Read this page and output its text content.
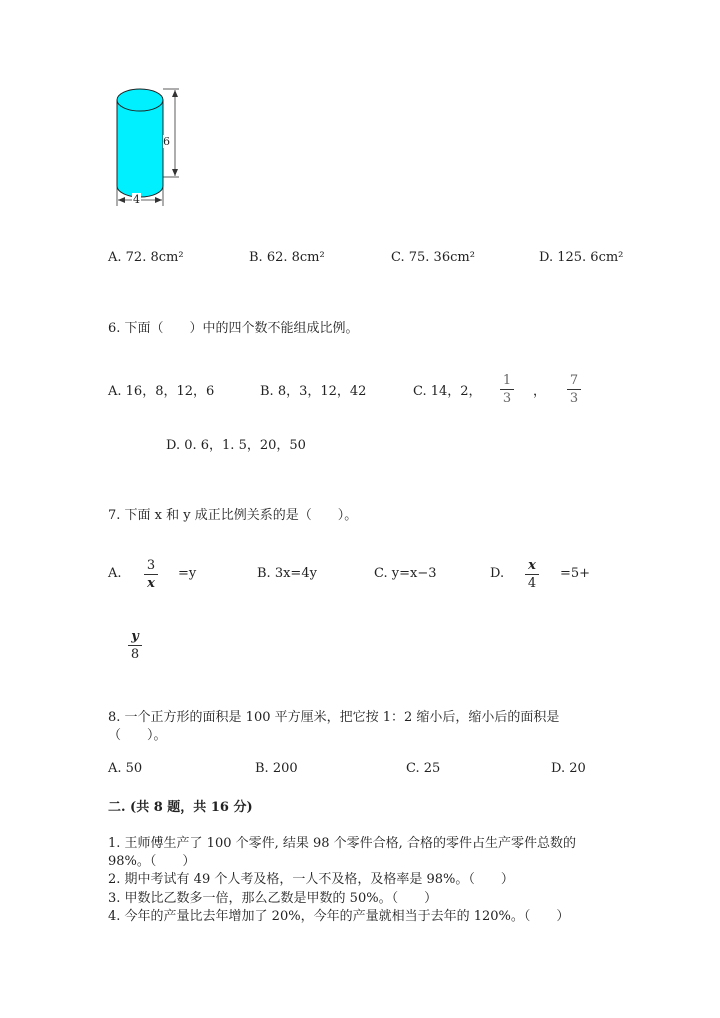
6
4
A. 72. 8cm²	B. 62. 8cm²	C. 75. 36cm²	D. 125. 6cm²
6. 下面（　　）中的四个数不能组成比例。
A. 16，8，12，6	B. 8，3，12，42	C. 14，2，
1
3 ，
7
3
D. 0. 6，1. 5，20，50
7. 下面 x 和 y 成正比例关系的是（　　）。
A.
3
x
=y	B. 3x=4y	C. y=x−3	D.
x
4
=5+
y
8
8. 一个正方形的面积是 100 平方厘米，把它按 1：2 缩小后，缩小后的面积是
（　　）。
A. 50	B. 200	C. 25	D. 20
二. (共 8 题，共 16 分)
1. 王师傅生产了 100 个零件, 结果 98 个零件合格, 合格的零件占生产零件总数的
98%。（　　）
2. 期中考试有 49 个人考及格，一人不及格，及格率是 98%。（　　）
3. 甲数比乙数多一倍，那么乙数是甲数的 50%。（　　）
4. 今年的产量比去年增加了 20%，今年的产量就相当于去年的 120%。（　　）
